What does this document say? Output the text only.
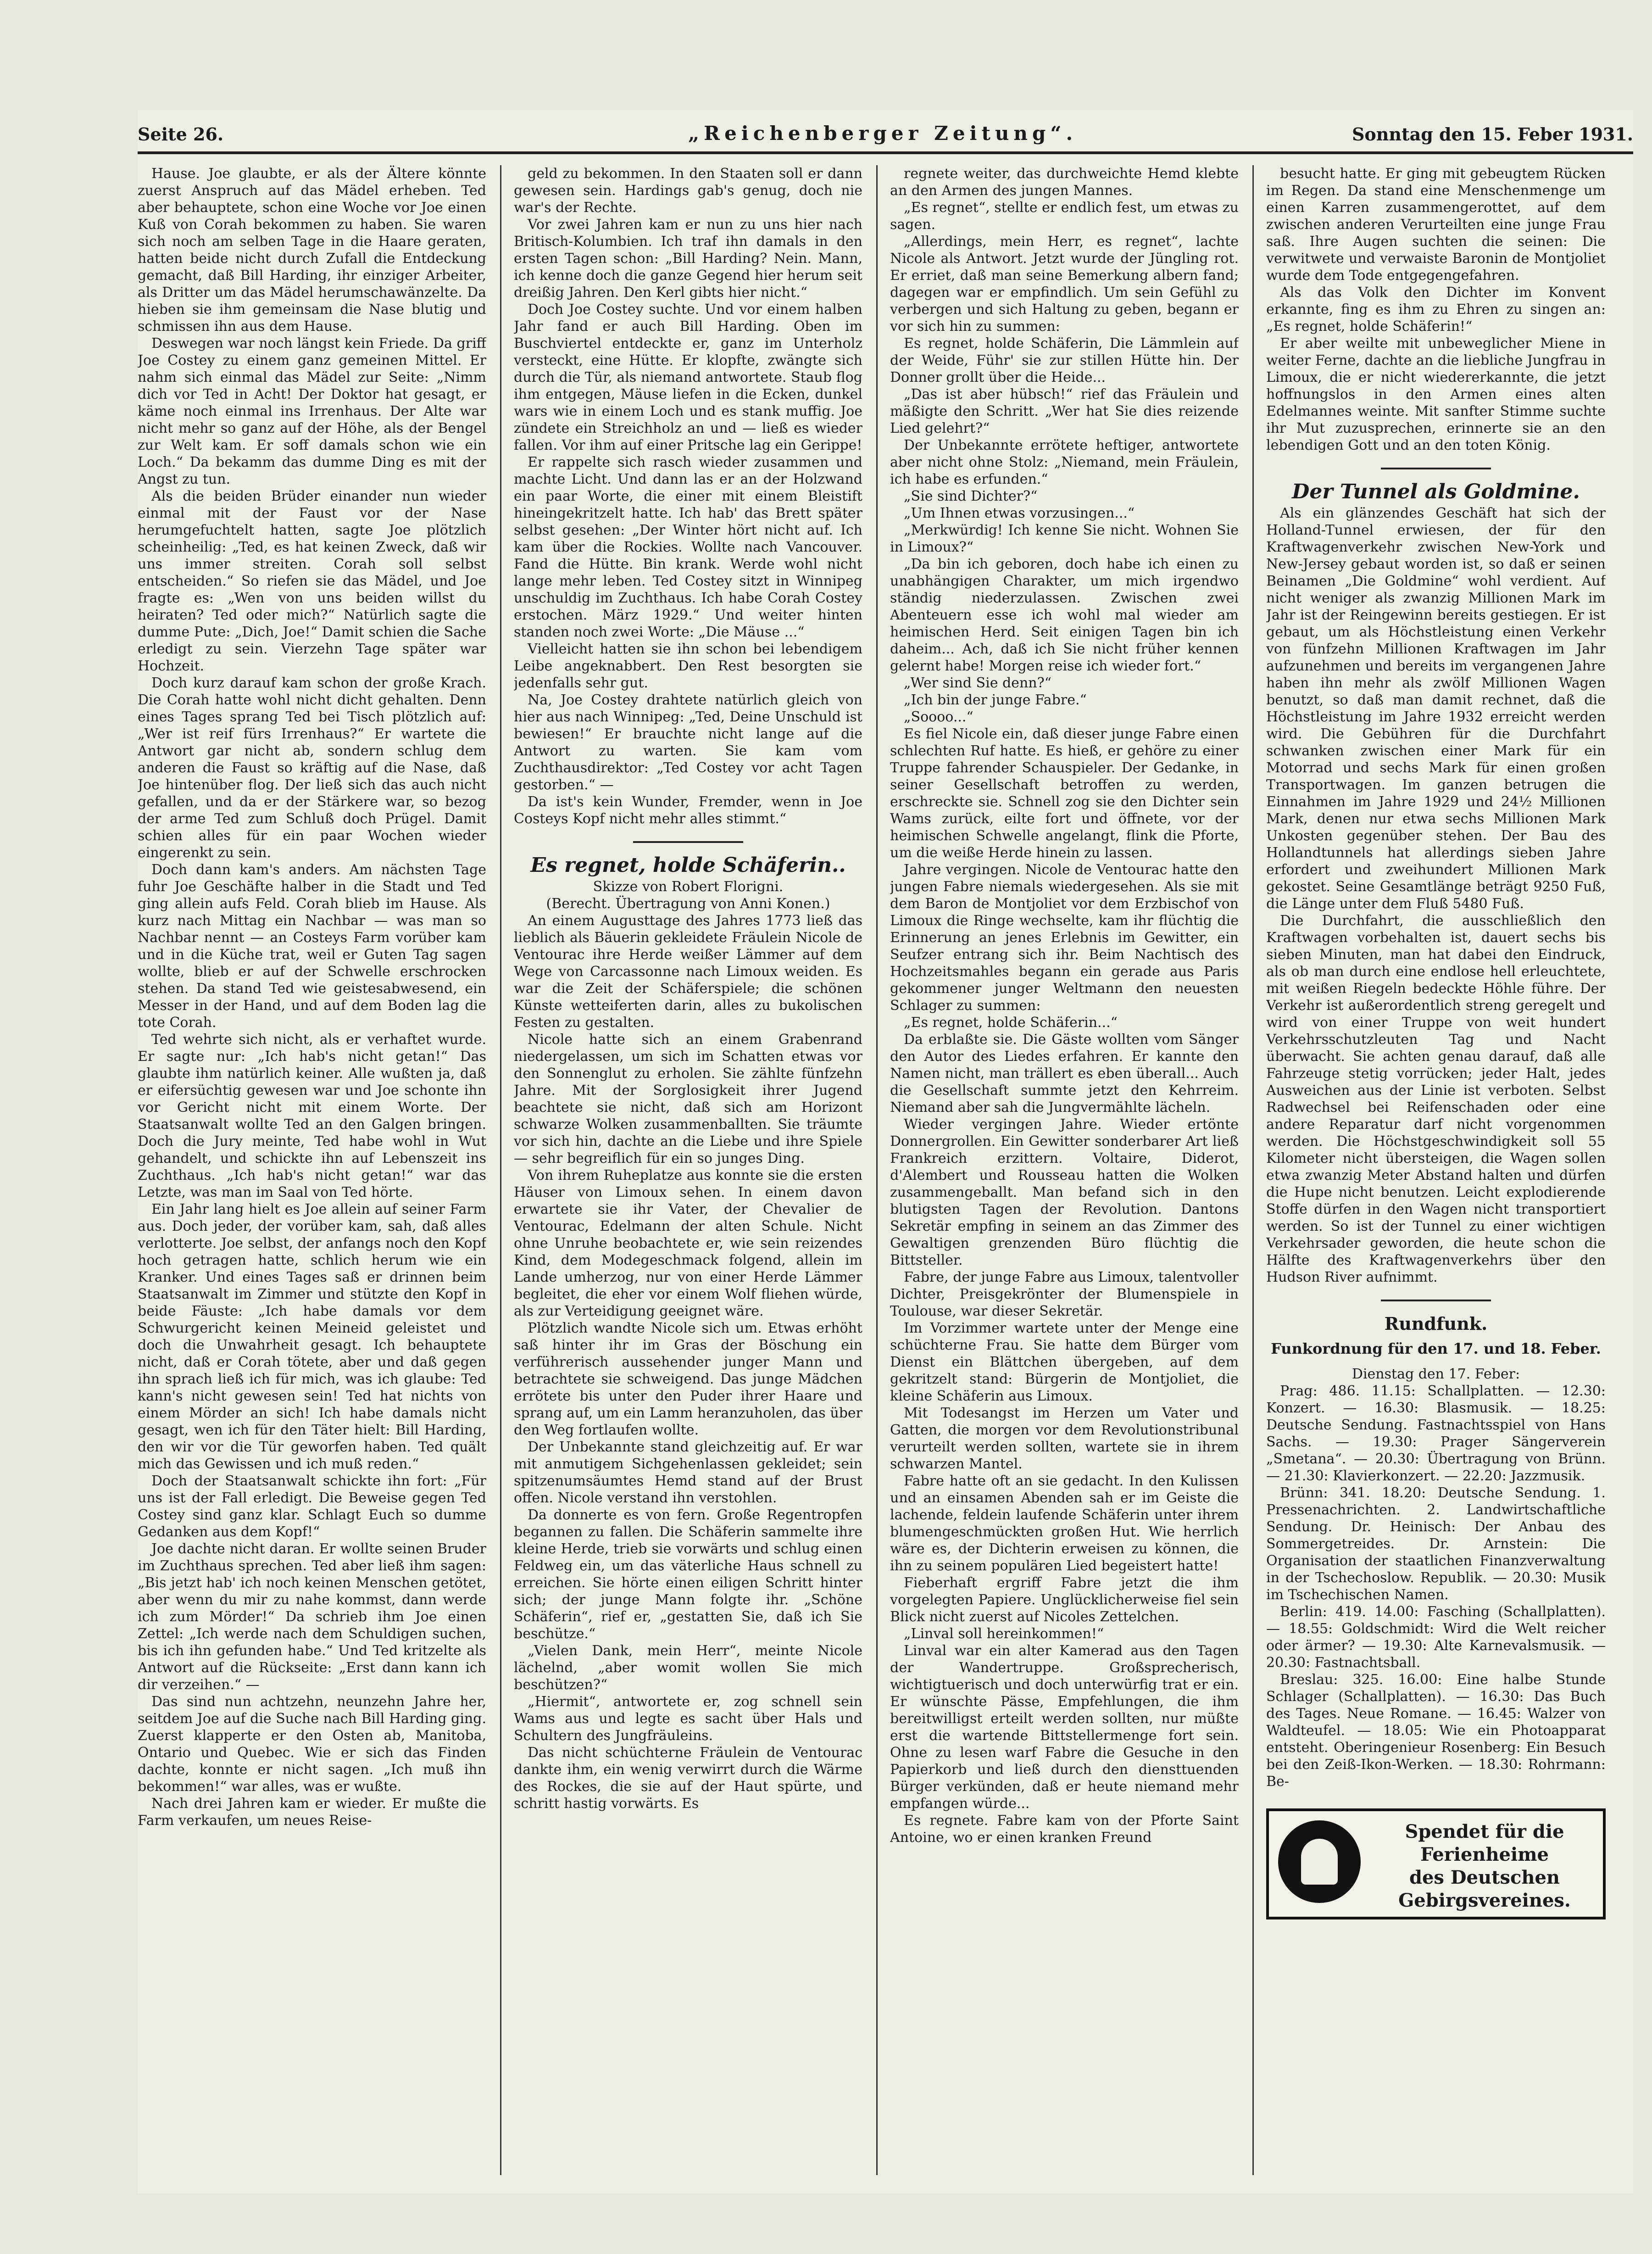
Seite 26.	„Reichenberger Zeitung“.	Sonntag den 15. Feber 1931.

Hause. Joe glaubte, er als der Ältere könnte zuerst Anspruch auf das Mädel erheben. Ted aber behauptete, schon eine Woche vor Joe einen Kuß von Corah bekommen zu haben. Sie waren sich noch am selben Tage in die Haare geraten, hatten beide nicht durch Zufall die Entdeckung gemacht, daß Bill Harding, ihr einziger Arbeiter, als Dritter um das Mädel herumschawänzelte. Da hieben sie ihm gemeinsam die Nase blutig und schmissen ihn aus dem Hause.

Deswegen war noch längst kein Friede. Da griff Joe Costey zu einem ganz gemeinen Mittel. Er nahm sich einmal das Mädel zur Seite: „Nimm dich vor Ted in Acht! Der Doktor hat gesagt, er käme noch einmal ins Irrenhaus. Der Alte war nicht mehr so ganz auf der Höhe, als der Bengel zur Welt kam. Er soff damals schon wie ein Loch.“ Da bekamm das dumme Ding es mit der Angst zu tun.

Als die beiden Brüder einander nun wieder einmal mit der Faust vor der Nase herumgefuchtelt hatten, sagte Joe plötzlich scheinheilig: „Ted, es hat keinen Zweck, daß wir uns immer streiten. Corah soll selbst entscheiden.“ So riefen sie das Mädel, und Joe fragte es: „Wen von uns beiden willst du heiraten? Ted oder mich?“ Natürlich sagte die dumme Pute: „Dich, Joe!“ Damit schien die Sache erledigt zu sein. Vierzehn Tage später war Hochzeit.

Doch kurz darauf kam schon der große Krach. Die Corah hatte wohl nicht dicht gehalten. Denn eines Tages sprang Ted bei Tisch plötzlich auf: „Wer ist reif fürs Irrenhaus?“ Er wartete die Antwort gar nicht ab, sondern schlug dem anderen die Faust so kräftig auf die Nase, daß Joe hintenüber flog. Der ließ sich das auch nicht gefallen, und da er der Stärkere war, so bezog der arme Ted zum Schluß doch Prügel. Damit schien alles für ein paar Wochen wieder eingerenkt zu sein.

Doch dann kam's anders. Am nächsten Tage fuhr Joe Geschäfte halber in die Stadt und Ted ging allein aufs Feld. Corah blieb im Hause. Als kurz nach Mittag ein Nachbar — was man so Nachbar nennt — an Costeys Farm vorüber kam und in die Küche trat, weil er Guten Tag sagen wollte, blieb er auf der Schwelle erschrocken stehen. Da stand Ted wie geistesabwesend, ein Messer in der Hand, und auf dem Boden lag die tote Corah.

Ted wehrte sich nicht, als er verhaftet wurde. Er sagte nur: „Ich hab's nicht getan!“ Das glaubte ihm natürlich keiner. Alle wußten ja, daß er eifersüchtig gewesen war und Joe schonte ihn vor Gericht nicht mit einem Worte. Der Staatsanwalt wollte Ted an den Galgen bringen. Doch die Jury meinte, Ted habe wohl in Wut gehandelt, und schickte ihn auf Lebenszeit ins Zuchthaus. „Ich hab's nicht getan!“ war das Letzte, was man im Saal von Ted hörte.

Ein Jahr lang hielt es Joe allein auf seiner Farm aus. Doch jeder, der vorüber kam, sah, daß alles verlotterte. Joe selbst, der anfangs noch den Kopf hoch getragen hatte, schlich herum wie ein Kranker. Und eines Tages saß er drinnen beim Staatsanwalt im Zimmer und stützte den Kopf in beide Fäuste: „Ich habe damals vor dem Schwurgericht keinen Meineid geleistet und doch die Unwahrheit gesagt. Ich behauptete nicht, daß er Corah tötete, aber und daß gegen ihn sprach ließ ich für mich, was ich glaube: Ted kann's nicht gewesen sein! Ted hat nichts von einem Mörder an sich! Ich habe damals nicht gesagt, wen ich für den Täter hielt: Bill Harding, den wir vor die Tür geworfen haben. Ted quält mich das Gewissen und ich muß reden.“

Doch der Staatsanwalt schickte ihn fort: „Für uns ist der Fall erledigt. Die Beweise gegen Ted Costey sind ganz klar. Schlagt Euch so dumme Gedanken aus dem Kopf!“

Joe dachte nicht daran. Er wollte seinen Bruder im Zuchthaus sprechen. Ted aber ließ ihm sagen: „Bis jetzt hab' ich noch keinen Menschen getötet, aber wenn du mir zu nahe kommst, dann werde ich zum Mörder!“ Da schrieb ihm Joe einen Zettel: „Ich werde nach dem Schuldigen suchen, bis ich ihn gefunden habe.“ Und Ted kritzelte als Antwort auf die Rückseite: „Erst dann kann ich dir verzeihen.“ —

Das sind nun achtzehn, neunzehn Jahre her, seitdem Joe auf die Suche nach Bill Harding ging. Zuerst klapperte er den Osten ab, Manitoba, Ontario und Quebec. Wie er sich das Finden dachte, konnte er nicht sagen. „Ich muß ihn bekommen!“ war alles, was er wußte.

Nach drei Jahren kam er wieder. Er mußte die Farm verkaufen, um neues Reise-

geld zu bekommen. In den Staaten soll er dann gewesen sein. Hardings gab's genug, doch nie war's der Rechte.

Vor zwei Jahren kam er nun zu uns hier nach Britisch-Kolumbien. Ich traf ihn damals in den ersten Tagen schon: „Bill Harding? Nein. Mann, ich kenne doch die ganze Gegend hier herum seit dreißig Jahren. Den Kerl gibts hier nicht.“

Doch Joe Costey suchte. Und vor einem halben Jahr fand er auch Bill Harding. Oben im Buschviertel entdeckte er, ganz im Unterholz versteckt, eine Hütte. Er klopfte, zwängte sich durch die Tür, als niemand antwortete. Staub flog ihm entgegen, Mäuse liefen in die Ecken, dunkel wars wie in einem Loch und es stank muffig. Joe zündete ein Streichholz an und — ließ es wieder fallen. Vor ihm auf einer Pritsche lag ein Gerippe!

Er rappelte sich rasch wieder zusammen und machte Licht. Und dann las er an der Holzwand ein paar Worte, die einer mit einem Bleistift hineingekritzelt hatte. Ich hab' das Brett später selbst gesehen: „Der Winter hört nicht auf. Ich kam über die Rockies. Wollte nach Vancouver. Fand die Hütte. Bin krank. Werde wohl nicht lange mehr leben. Ted Costey sitzt in Winnipeg unschuldig im Zuchthaus. Ich habe Corah Costey erstochen. März 1929.“ Und weiter hinten standen noch zwei Worte: „Die Mäuse ...“

Vielleicht hatten sie ihn schon bei lebendigem Leibe angeknabbert. Den Rest besorgten sie jedenfalls sehr gut.

Na, Joe Costey drahtete natürlich gleich von hier aus nach Winnipeg: „Ted, Deine Unschuld ist bewiesen!“ Er brauchte nicht lange auf die Antwort zu warten. Sie kam vom Zuchthausdirektor: „Ted Costey vor acht Tagen gestorben.“ —

Da ist's kein Wunder, Fremder, wenn in Joe Costeys Kopf nicht mehr alles stimmt.“

Es regnet, holde Schäferin..
Skizze von Robert Florigni.
(Berecht. Übertragung von Anni Konen.)

An einem Augusttage des Jahres 1773 ließ das lieblich als Bäuerin gekleidete Fräulein Nicole de Ventourac ihre Herde weißer Lämmer auf dem Wege von Carcassonne nach Limoux weiden. Es war die Zeit der Schäferspiele; die schönen Künste wetteiferten darin, alles zu bukolischen Festen zu gestalten.

Nicole hatte sich an einem Grabenrand niedergelassen, um sich im Schatten etwas vor den Sonnenglut zu erholen. Sie zählte fünfzehn Jahre. Mit der Sorglosigkeit ihrer Jugend beachtete sie nicht, daß sich am Horizont schwarze Wolken zusammenballten. Sie träumte vor sich hin, dachte an die Liebe und ihre Spiele — sehr begreiflich für ein so junges Ding.

Von ihrem Ruheplatze aus konnte sie die ersten Häuser von Limoux sehen. In einem davon erwartete sie ihr Vater, der Chevalier de Ventourac, Edelmann der alten Schule. Nicht ohne Unruhe beobachtete er, wie sein reizendes Kind, dem Modegeschmack folgend, allein im Lande umherzog, nur von einer Herde Lämmer begleitet, die eher vor einem Wolf fliehen würde, als zur Verteidigung geeignet wäre.

Plötzlich wandte Nicole sich um. Etwas erhöht saß hinter ihr im Gras der Böschung ein verführerisch aussehender junger Mann und betrachtete sie schweigend. Das junge Mädchen errötete bis unter den Puder ihrer Haare und sprang auf, um ein Lamm heranzuholen, das über den Weg fortlaufen wollte.

Der Unbekannte stand gleichzeitig auf. Er war mit anmutigem Sichgehenlassen gekleidet; sein spitzenumsäumtes Hemd stand auf der Brust offen. Nicole verstand ihn verstohlen.

Da donnerte es von fern. Große Regentropfen begannen zu fallen. Die Schäferin sammelte ihre kleine Herde, trieb sie vorwärts und schlug einen Feldweg ein, um das väterliche Haus schnell zu erreichen. Sie hörte einen eiligen Schritt hinter sich; der junge Mann folgte ihr. „Schöne Schäferin“, rief er, „gestatten Sie, daß ich Sie beschütze.“

„Vielen Dank, mein Herr“, meinte Nicole lächelnd, „aber womit wollen Sie mich beschützen?“

„Hiermit“, antwortete er, zog schnell sein Wams aus und legte es sacht über Hals und Schultern des Jungfräuleins.

Das nicht schüchterne Fräulein de Ventourac dankte ihm, ein wenig verwirrt durch die Wärme des Rockes, die sie auf der Haut spürte, und schritt hastig vorwärts. Es

regnete weiter, das durchweichte Hemd klebte an den Armen des jungen Mannes.

„Es regnet“, stellte er endlich fest, um etwas zu sagen.

„Allerdings, mein Herr, es regnet“, lachte Nicole als Antwort. Jetzt wurde der Jüngling rot. Er erriet, daß man seine Bemerkung albern fand; dagegen war er empfindlich. Um sein Gefühl zu verbergen und sich Haltung zu geben, begann er vor sich hin zu summen:

Es regnet, holde Schäferin, Die Lämmlein auf der Weide, Führ' sie zur stillen Hütte hin. Der Donner grollt über die Heide...

„Das ist aber hübsch!“ rief das Fräulein und mäßigte den Schritt. „Wer hat Sie dies reizende Lied gelehrt?“

Der Unbekannte errötete heftiger, antwortete aber nicht ohne Stolz: „Niemand, mein Fräulein, ich habe es erfunden.“

„Sie sind Dichter?“

„Um Ihnen etwas vorzusingen...“

„Merkwürdig! Ich kenne Sie nicht. Wohnen Sie in Limoux?“

„Da bin ich geboren, doch habe ich einen zu unabhängigen Charakter, um mich irgendwo ständig niederzulassen. Zwischen zwei Abenteuern esse ich wohl mal wieder am heimischen Herd. Seit einigen Tagen bin ich daheim... Ach, daß ich Sie nicht früher kennen gelernt habe! Morgen reise ich wieder fort.“

„Wer sind Sie denn?“

„Ich bin der junge Fabre.“

„Soooo...“

Es fiel Nicole ein, daß dieser junge Fabre einen schlechten Ruf hatte. Es hieß, er gehöre zu einer Truppe fahrender Schauspieler. Der Gedanke, in seiner Gesellschaft betroffen zu werden, erschreckte sie. Schnell zog sie den Dichter sein Wams zurück, eilte fort und öffnete, vor der heimischen Schwelle angelangt, flink die Pforte, um die weiße Herde hinein zu lassen.

Jahre vergingen. Nicole de Ventourac hatte den jungen Fabre niemals wiedergesehen. Als sie mit dem Baron de Montjoliet vor dem Erzbischof von Limoux die Ringe wechselte, kam ihr flüchtig die Erinnerung an jenes Erlebnis im Gewitter, ein Seufzer entrang sich ihr. Beim Nachtisch des Hochzeitsmahles begann ein gerade aus Paris gekommener junger Weltmann den neuesten Schlager zu summen:

„Es regnet, holde Schäferin...“

Da erblaßte sie. Die Gäste wollten vom Sänger den Autor des Liedes erfahren. Er kannte den Namen nicht, man trällert es eben überall... Auch die Gesellschaft summte jetzt den Kehrreim. Niemand aber sah die Jungvermählte lächeln.

Wieder vergingen Jahre. Wieder ertönte Donnergrollen. Ein Gewitter sonderbarer Art ließ Frankreich erzittern. Voltaire, Diderot, d'Alembert und Rousseau hatten die Wolken zusammengeballt. Man befand sich in den blutigsten Tagen der Revolution. Dantons Sekretär empfing in seinem an das Zimmer des Gewaltigen grenzenden Büro flüchtig die Bittsteller.

Fabre, der junge Fabre aus Limoux, talentvoller Dichter, Preisgekrönter der Blumenspiele in Toulouse, war dieser Sekretär.

Im Vorzimmer wartete unter der Menge eine schüchterne Frau. Sie hatte dem Bürger vom Dienst ein Blättchen übergeben, auf dem gekritzelt stand: Bürgerin de Montjoliet, die kleine Schäferin aus Limoux.

Mit Todesangst im Herzen um Vater und Gatten, die morgen vor dem Revolutionstribunal verurteilt werden sollten, wartete sie in ihrem schwarzen Mantel.

Fabre hatte oft an sie gedacht. In den Kulissen und an einsamen Abenden sah er im Geiste die lachende, feldein laufende Schäferin unter ihrem blumengeschmückten großen Hut. Wie herrlich wäre es, der Dichterin erweisen zu können, die ihn zu seinem populären Lied begeistert hatte!

Fieberhaft ergriff Fabre jetzt die ihm vorgelegten Papiere. Unglücklicherweise fiel sein Blick nicht zuerst auf Nicoles Zettelchen.

„Linval soll hereinkommen!“

Linval war ein alter Kamerad aus den Tagen der Wandertruppe. Großsprecherisch, wichtigtuerisch und doch unterwürfig trat er ein. Er wünschte Pässe, Empfehlungen, die ihm bereitwilligst erteilt werden sollten, nur müßte erst die wartende Bittstellermenge fort sein. Ohne zu lesen warf Fabre die Gesuche in den Papierkorb und ließ durch den diensttuenden Bürger verkünden, daß er heute niemand mehr empfangen würde...

Es regnete. Fabre kam von der Pforte Saint Antoine, wo er einen kranken Freund

besucht hatte. Er ging mit gebeugtem Rücken im Regen. Da stand eine Menschenmenge um einen Karren zusammengerottet, auf dem zwischen anderen Verurteilten eine junge Frau saß. Ihre Augen suchten die seinen: Die verwitwete und verwaiste Baronin de Montjoliet wurde dem Tode entgegengefahren.

Als das Volk den Dichter im Konvent erkannte, fing es ihm zu Ehren zu singen an: „Es regnet, holde Schäferin!“

Er aber weilte mit unbeweglicher Miene in weiter Ferne, dachte an die liebliche Jungfrau in Limoux, die er nicht wiedererkannte, die jetzt hoffnungslos in den Armen eines alten Edelmannes weinte. Mit sanfter Stimme suchte ihr Mut zuzusprechen, erinnerte sie an den lebendigen Gott und an den toten König.

Der Tunnel als Goldmine.

Als ein glänzendes Geschäft hat sich der Holland-Tunnel erwiesen, der für den Kraftwagenverkehr zwischen New-York und New-Jersey gebaut worden ist, so daß er seinen Beinamen „Die Goldmine“ wohl verdient. Auf nicht weniger als zwanzig Millionen Mark im Jahr ist der Reingewinn bereits gestiegen. Er ist gebaut, um als Höchstleistung einen Verkehr von fünfzehn Millionen Kraftwagen im Jahr aufzunehmen und bereits im vergangenen Jahre haben ihn mehr als zwölf Millionen Wagen benutzt, so daß man damit rechnet, daß die Höchstleistung im Jahre 1932 erreicht werden wird. Die Gebühren für die Durchfahrt schwanken zwischen einer Mark für ein Motorrad und sechs Mark für einen großen Transportwagen. Im ganzen betrugen die Einnahmen im Jahre 1929 und 24½ Millionen Mark, denen nur etwa sechs Millionen Mark Unkosten gegenüber stehen. Der Bau des Hollandtunnels hat allerdings sieben Jahre erfordert und zweihundert Millionen Mark gekostet. Seine Gesamtlänge beträgt 9250 Fuß, die Länge unter dem Fluß 5480 Fuß.

Die Durchfahrt, die ausschließlich den Kraftwagen vorbehalten ist, dauert sechs bis sieben Minuten, man hat dabei den Eindruck, als ob man durch eine endlose hell erleuchtete, mit weißen Riegeln bedeckte Höhle führe. Der Verkehr ist außerordentlich streng geregelt und wird von einer Truppe von weit hundert Verkehrsschutzleuten Tag und Nacht überwacht. Sie achten genau darauf, daß alle Fahrzeuge stetig vorrücken; jeder Halt, jedes Ausweichen aus der Linie ist verboten. Selbst Radwechsel bei Reifenschaden oder eine andere Reparatur darf nicht vorgenommen werden. Die Höchstgeschwindigkeit soll 55 Kilometer nicht übersteigen, die Wagen sollen etwa zwanzig Meter Abstand halten und dürfen die Hupe nicht benutzen. Leicht explodierende Stoffe dürfen in den Wagen nicht transportiert werden. So ist der Tunnel zu einer wichtigen Verkehrsader geworden, die heute schon die Hälfte des Kraftwagenverkehrs über den Hudson River aufnimmt.

Rundfunk.
Funkordnung für den 17. und 18. Feber.
Dienstag den 17. Feber:

Prag: 486. 11.15: Schallplatten. — 12.30: Konzert. — 16.30: Blasmusik. — 18.25: Deutsche Sendung. Fastnachtsspiel von Hans Sachs. — 19.30: Prager Sängerverein „Smetana“. — 20.30: Übertragung von Brünn. — 21.30: Klavierkonzert. — 22.20: Jazzmusik.

Brünn: 341. 18.20: Deutsche Sendung. 1. Pressenachrichten. 2. Landwirtschaftliche Sendung. Dr. Heinisch: Der Anbau des Sommergetreides. Dr. Arnstein: Die Organisation der staatlichen Finanzverwaltung in der Tschechoslow. Republik. — 20.30: Musik im Tschechischen Namen.

Berlin: 419. 14.00: Fasching (Schallplatten). — 18.55: Goldschmidt: Wird die Welt reicher oder ärmer? — 19.30: Alte Karnevalsmusik. — 20.30: Fastnachtsball.

Breslau: 325. 16.00: Eine halbe Stunde Schlager (Schallplatten). — 16.30: Das Buch des Tages. Neue Romane. — 16.45: Walzer von Waldteufel. — 18.05: Wie ein Photoapparat entsteht. Oberingenieur Rosenberg: Ein Besuch bei den Zeiß-Ikon-Werken. — 18.30: Rohrmann: Be-

Spendet für die
Ferienheime
des Deutschen
Gebirgsvereines.
